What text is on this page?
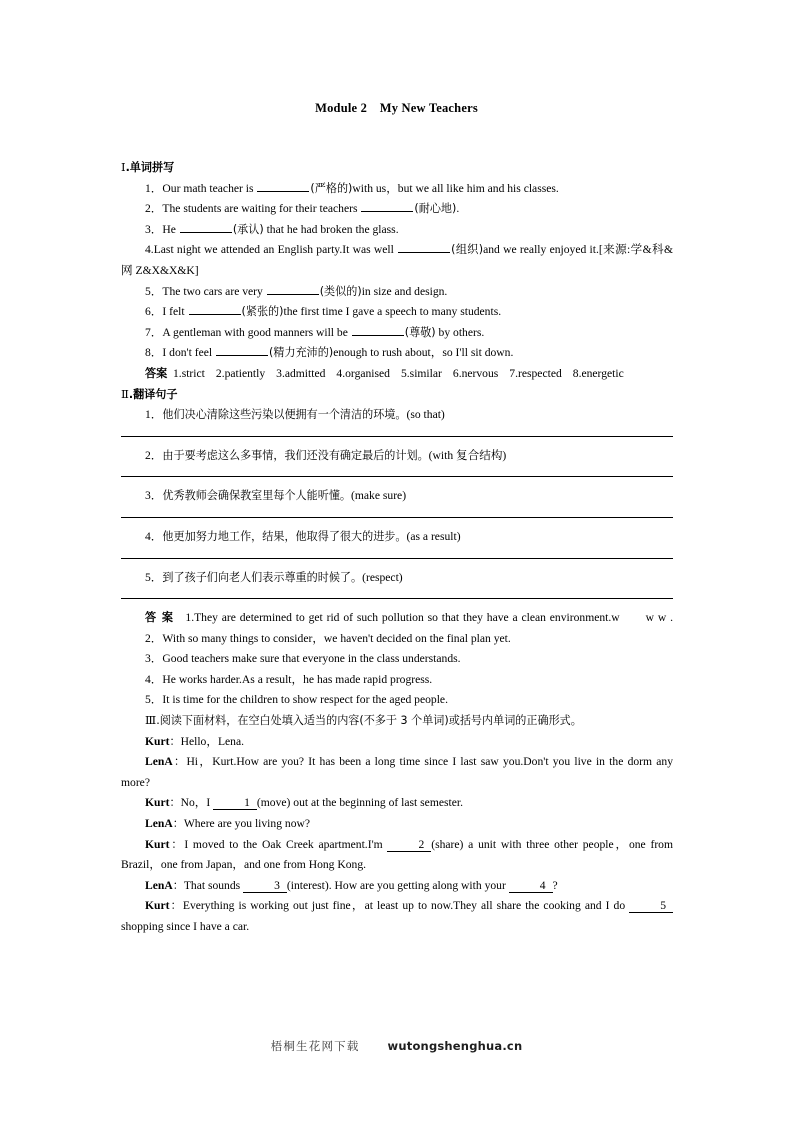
Module 2　My New Teachers
Ⅰ.单词拼写
1．Our math teacher is	(严格的)with us，but we all like him and his classes.
2．The students are waiting for their teachers	(耐心地).
3．He	(承认) that he had broken the glass.
4.Last night we attended an English party.It was well	(组织)and we really enjoyed it.[来源:学&科&网 Z&X&X&K]
5．The two cars are very	(类似的)in size and design.
6．I felt	(紧张的)the first time I gave a speech to many students.
7．A gentleman with good manners will be	(尊敬) by others.
8．I don't feel	(精力充沛的)enough to rush about，so I'll sit down.
答案 1.strict 2.patiently 3.admitted 4.organised 5.similar 6.nervous 7.respected 8.energetic
Ⅱ.翻译句子
1．他们决心清除这些污染以便拥有一个清洁的环境。(so that)
2．由于要考虑这么多事情，我们还没有确定最后的计划。(with 复合结构)
3．优秀教师会确保教室里每个人能听懂。(make sure)
4．他更加努力地工作，结果，他取得了很大的进步。(as a result)
5．到了孩子们向老人们表示尊重的时候了。(respect)
答 案 1.They are determined to get rid of such pollution so that they have a clean environment.w　　w w .
2．With so many things to consider，we haven't decided on the final plan yet.
3．Good teachers make sure that everyone in the class understands.
4．He works harder.As a result，he has made rapid progress.
5．It is time for the children to show respect for the aged people.
Ⅲ.阅读下面材料，在空白处填入适当的内容(不多于 3 个单词)或括号内单词的正确形式。
Kurt：Hello，Lena.
LenA：Hi，Kurt.How are you? It has been a long time since I last saw you.Don't you live in the dorm any more?
Kurt：No，I	1 (move) out at the beginning of last semester.
LenA：Where are you living now?
Kurt：I moved to the Oak Creek apartment.I'm	2 (share) a unit with three other people，one from Brazil，one from Japan，and one from Hong Kong.
LenA：That sounds	3 (interest). How are you getting along with your	4 ?
Kurt：Everything is working out just fine，at least up to now.They all share the cooking and I do	5 shopping since I have a car.
梧桐生花网下载 wutongshenghua.cn
